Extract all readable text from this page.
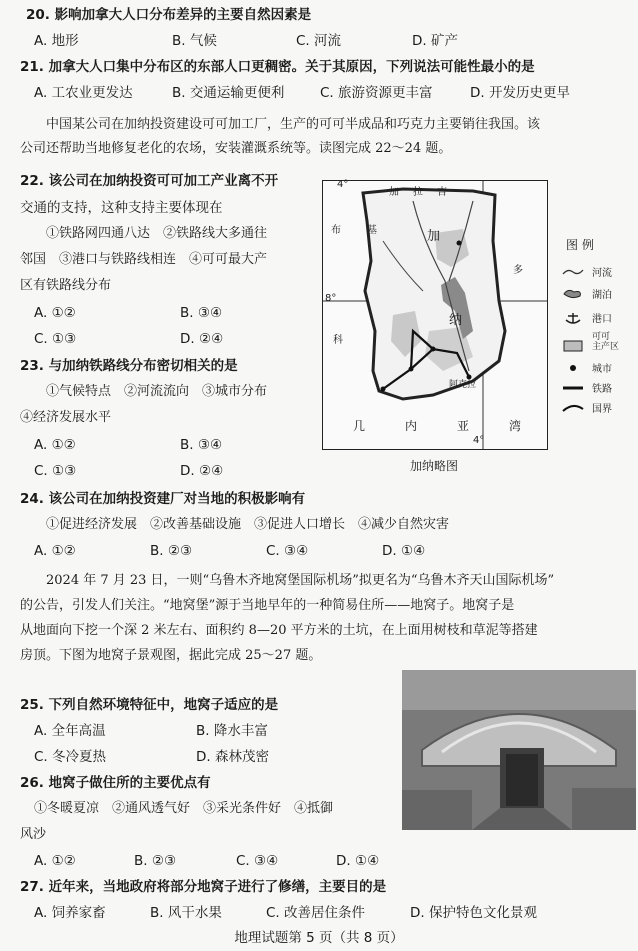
20. 影响加拿大人口分布差异的主要自然因素是
A. 地形	B. 气候	C. 河流	D. 矿产
21. 加拿大人口集中分布区的东部人口更稠密。关于其原因，下列说法可能性最小的是
A. 工农业更发达	B. 交通运输更便利	C. 旅游资源更丰富	D. 开发历史更早
中国某公司在加纳投资建设可可加工厂，生产的可可半成品和巧克力主要销往我国。该
公司还帮助当地修复老化的农场，安装灌溉系统等。读图完成 22～24 题。
22. 该公司在加纳投资可可加工产业离不开
交通的支持，这种支持主要体现在
①铁路网四通八达　②铁路线大多通往
邻国　③港口与铁路线相连　④可可最大产
区有铁路线分布
A. ①②	B. ③④
C. ①③	D. ②④
23. 与加纳铁路线分布密切相关的是
①气候特点　②河流流向　③城市分布
④经济发展水平
A. ①②	B. ③④
C. ①③	D. ②④
4°
8°
4°
加　拉　吉
布　基
科
多
加
纳
阿克拉
几	内	亚	湾
加纳略图
图例
河流
湖泊
港口
可可
主产区
城市
铁路
国界
24. 该公司在加纳投资建厂对当地的积极影响有
①促进经济发展　②改善基础设施　③促进人口增长　④减少自然灾害
A. ①②	B. ②③	C. ③④	D. ①④
2024 年 7 月 23 日，一则“乌鲁木齐地窝堡国际机场”拟更名为“乌鲁木齐天山国际机场”
的公告，引发人们关注。“地窝堡”源于当地早年的一种简易住所——地窝子。地窝子是
从地面向下挖一个深 2 米左右、面积约 8—20 平方米的土坑，在上面用树枝和草泥等搭建
房顶。下图为地窝子景观图，据此完成 25～27 题。
25. 下列自然环境特征中，地窝子适应的是
A. 全年高温	B. 降水丰富
C. 冬冷夏热	D. 森林茂密
26. 地窝子做住所的主要优点有
①冬暖夏凉　②通风透气好　③采光条件好　④抵御
风沙
A. ①②	B. ②③	C. ③④	D. ①④
27. 近年来，当地政府将部分地窝子进行了修缮，主要目的是
A. 饲养家畜	B. 风干水果	C. 改善居住条件	D. 保护特色文化景观
地理试题第 5 页（共 8 页）
